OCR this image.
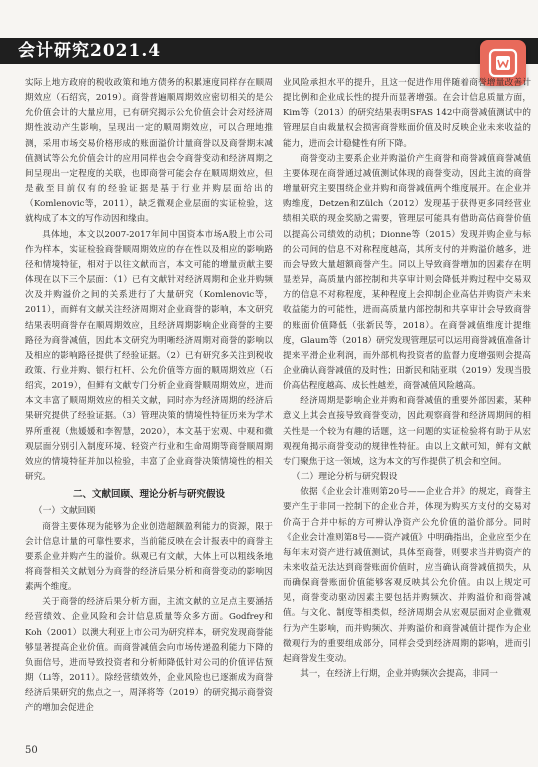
会计研究2021.4

实际上地方政府的税收政策和地方债务的积累速度同样存在顺周期效应（石绍宾，2019）。商誉普遍顺周期效应密切相关的是公允价值会计的大量应用，已有研究揭示公允价值会计会对经济周期性波动产生影响，呈现出一定的顺周期效应，可以合理地推测，采用市场交易价格形成的账面溢价计量商誉以及商誉期末减值测试等公允价值会计的应用同样也会令商誉变动和经济周期之间呈现出一定程度的关联，也即商誉可能会存在顺周期效应，但是截至目前仅有的经验证据是基于行业并购层面给出的（Komlenovic等，2011），缺乏微观企业层面的实证检验，这就构成了本文的写作动因和缘由。

具体地，本文以2007-2017年间中国资本市场A股上市公司作为样本，实证检验商誉顺周期效应的存在性以及相应的影响路径和情境特征，相对于以往文献而言，本文可能的增量贡献主要体现在以下三个层面：（1）已有文献针对经济周期和企业并购频次及并购溢价之间的关系进行了大量研究（Komlenovic等，2011），而鲜有文献关注经济周期对企业商誉的影响，本文研究结果表明商誉存在顺周期效应，且经济周期影响企业商誉的主要路径为商誉减值，因此本文研究为明晰经济周期对商誉的影响以及相应的影响路径提供了经验证据。（2）已有研究多关注到税收政策、行业并购、银行杠杆、公允价值等方面的顺周期效应（石绍宾，2019），但鲜有文献专门分析企业商誉顺周期效应，进而本文丰富了顺周期效应的相关文献，同时亦为经济周期的经济后果研究提供了经验证据。（3）管理决策的情境性特征历来为学术界所重视（焦媛媛和李智慧，2020），本文基于宏观、中观和微观层面分别引入制度环境、轻资产行业和生命周期等商誉顺周期效应的情境特征并加以检验，丰富了企业商誉决策情境性的相关研究。

二、文献回顾、理论分析与研究假设

（一）文献回顾

商誉主要体现为能够为企业创造超额盈利能力的资源，限于会计信息计量的可靠性要求，当前能反映在会计报表中的商誉主要系企业并购产生的溢价。纵观已有文献，大体上可以粗线条地将商誉相关文献划分为商誉的经济后果分析和商誉变动的影响因素两个维度。

关于商誉的经济后果分析方面，主流文献的立足点主要涵括经营绩效、企业风险和会计信息质量等众多方面。Godfrey和Koh（2001）以澳大利亚上市公司为研究样本，研究发现商誉能够显著提高企业价值。而商誉减值会向市场传递盈利能力下降的负面信号，进而导致投资者和分析师降低针对公司的价值评估预期（Li等，2011）。除经营绩效外，企业风险也已逐渐成为商誉经济后果研究的焦点之一，周泽将等（2019）的研究揭示商誉资产的增加会促进企

业风险承担水平的提升，且这一促进作用伴随着商誉增量改善计提比例和企业成长性的提升而显著增强。在会计信息质量方面，Kim等（2013）的研究结果表明SFAS 142中商誉减值测试中的管理层自由裁量权会损害商誉账面价值及时反映企业未来收益的能力，进而会计稳健性有所下降。

商誉变动主要系企业并购溢价产生商誉和商誉减值商誉减值主要体现在商誉通过减值测试体现的商誉变动，因此主流的商誉增量研究主要围绕企业并购和商誉减值两个维度展开。在企业并购维度，Detzen和Zülch（2012）发现基于获得更多同经营业绩相关联的现金奖励之需要，管理层可能具有借助高估商誉价值以提高公司绩效的动机；Dionne等（2015）发现并购企业与标的公司间的信息不对称程度越高，其所支付的并购溢价越多，进而会导致大量超额商誉产生。同以上导致商誉增加的因素存在明显差异，高质量内部控制和共享审计则会降低并购过程中交易双方的信息不对称程度，某种程度上会抑制企业高估并购资产未来收益能力的可能性，进而高质量内部控制和共享审计会导致商誉的账面价值降低（张新民等，2018）。在商誉减值维度计提维度，Glaum等（2018）研究发现管理层可以运用商誉减值准备计提来平滑企业利润，而外部机构投资者的监督力度增强则会提高企业确认商誉减值的及时性；田新民和陆亚琪（2019）发现当股价高估程度越高、成长性越差，商誉减值风险越高。

经济周期是影响企业并购和商誉减值的重要外部因素，某种意义上其会直接导致商誉变动，因此观察商誉和经济周期间的相关性是一个较为有趣的话题，这一问题的实证检验将有助于从宏观视角揭示商誉变动的规律性特征。由以上文献可知，鲜有文献专门聚焦于这一领域，这为本文的写作提供了机会和空间。

（二）理论分析与研究假设

依据《企业会计准则第20号——企业合并》的规定，商誉主要产生于非同一控制下的企业合并，体现为购买方支付的交易对价高于合并中标的方可辨认净资产公允价值的溢价部分。同时《企业会计准则第8号——资产减值》中明确指出，企业应至少在每年末对资产进行减值测试，具体至商誉，则要求当并购资产的未来收益无法达到商誉账面价值时，应当确认商誉减值损失，从而确保商誉账面价值能够客观反映其公允价值。由以上规定可见，商誉变动驱动因素主要包括并购频次、并购溢价和商誉减值。与文化、制度等相类似，经济周期会从宏观层面对企业微观行为产生影响，而并购频次、并购溢价和商誉减值计提作为企业微观行为的重要组成部分，同样会受到经济周期的影响，进而引起商誉发生变动。

其一，在经济上行期，企业并购频次会提高，非同一

50
